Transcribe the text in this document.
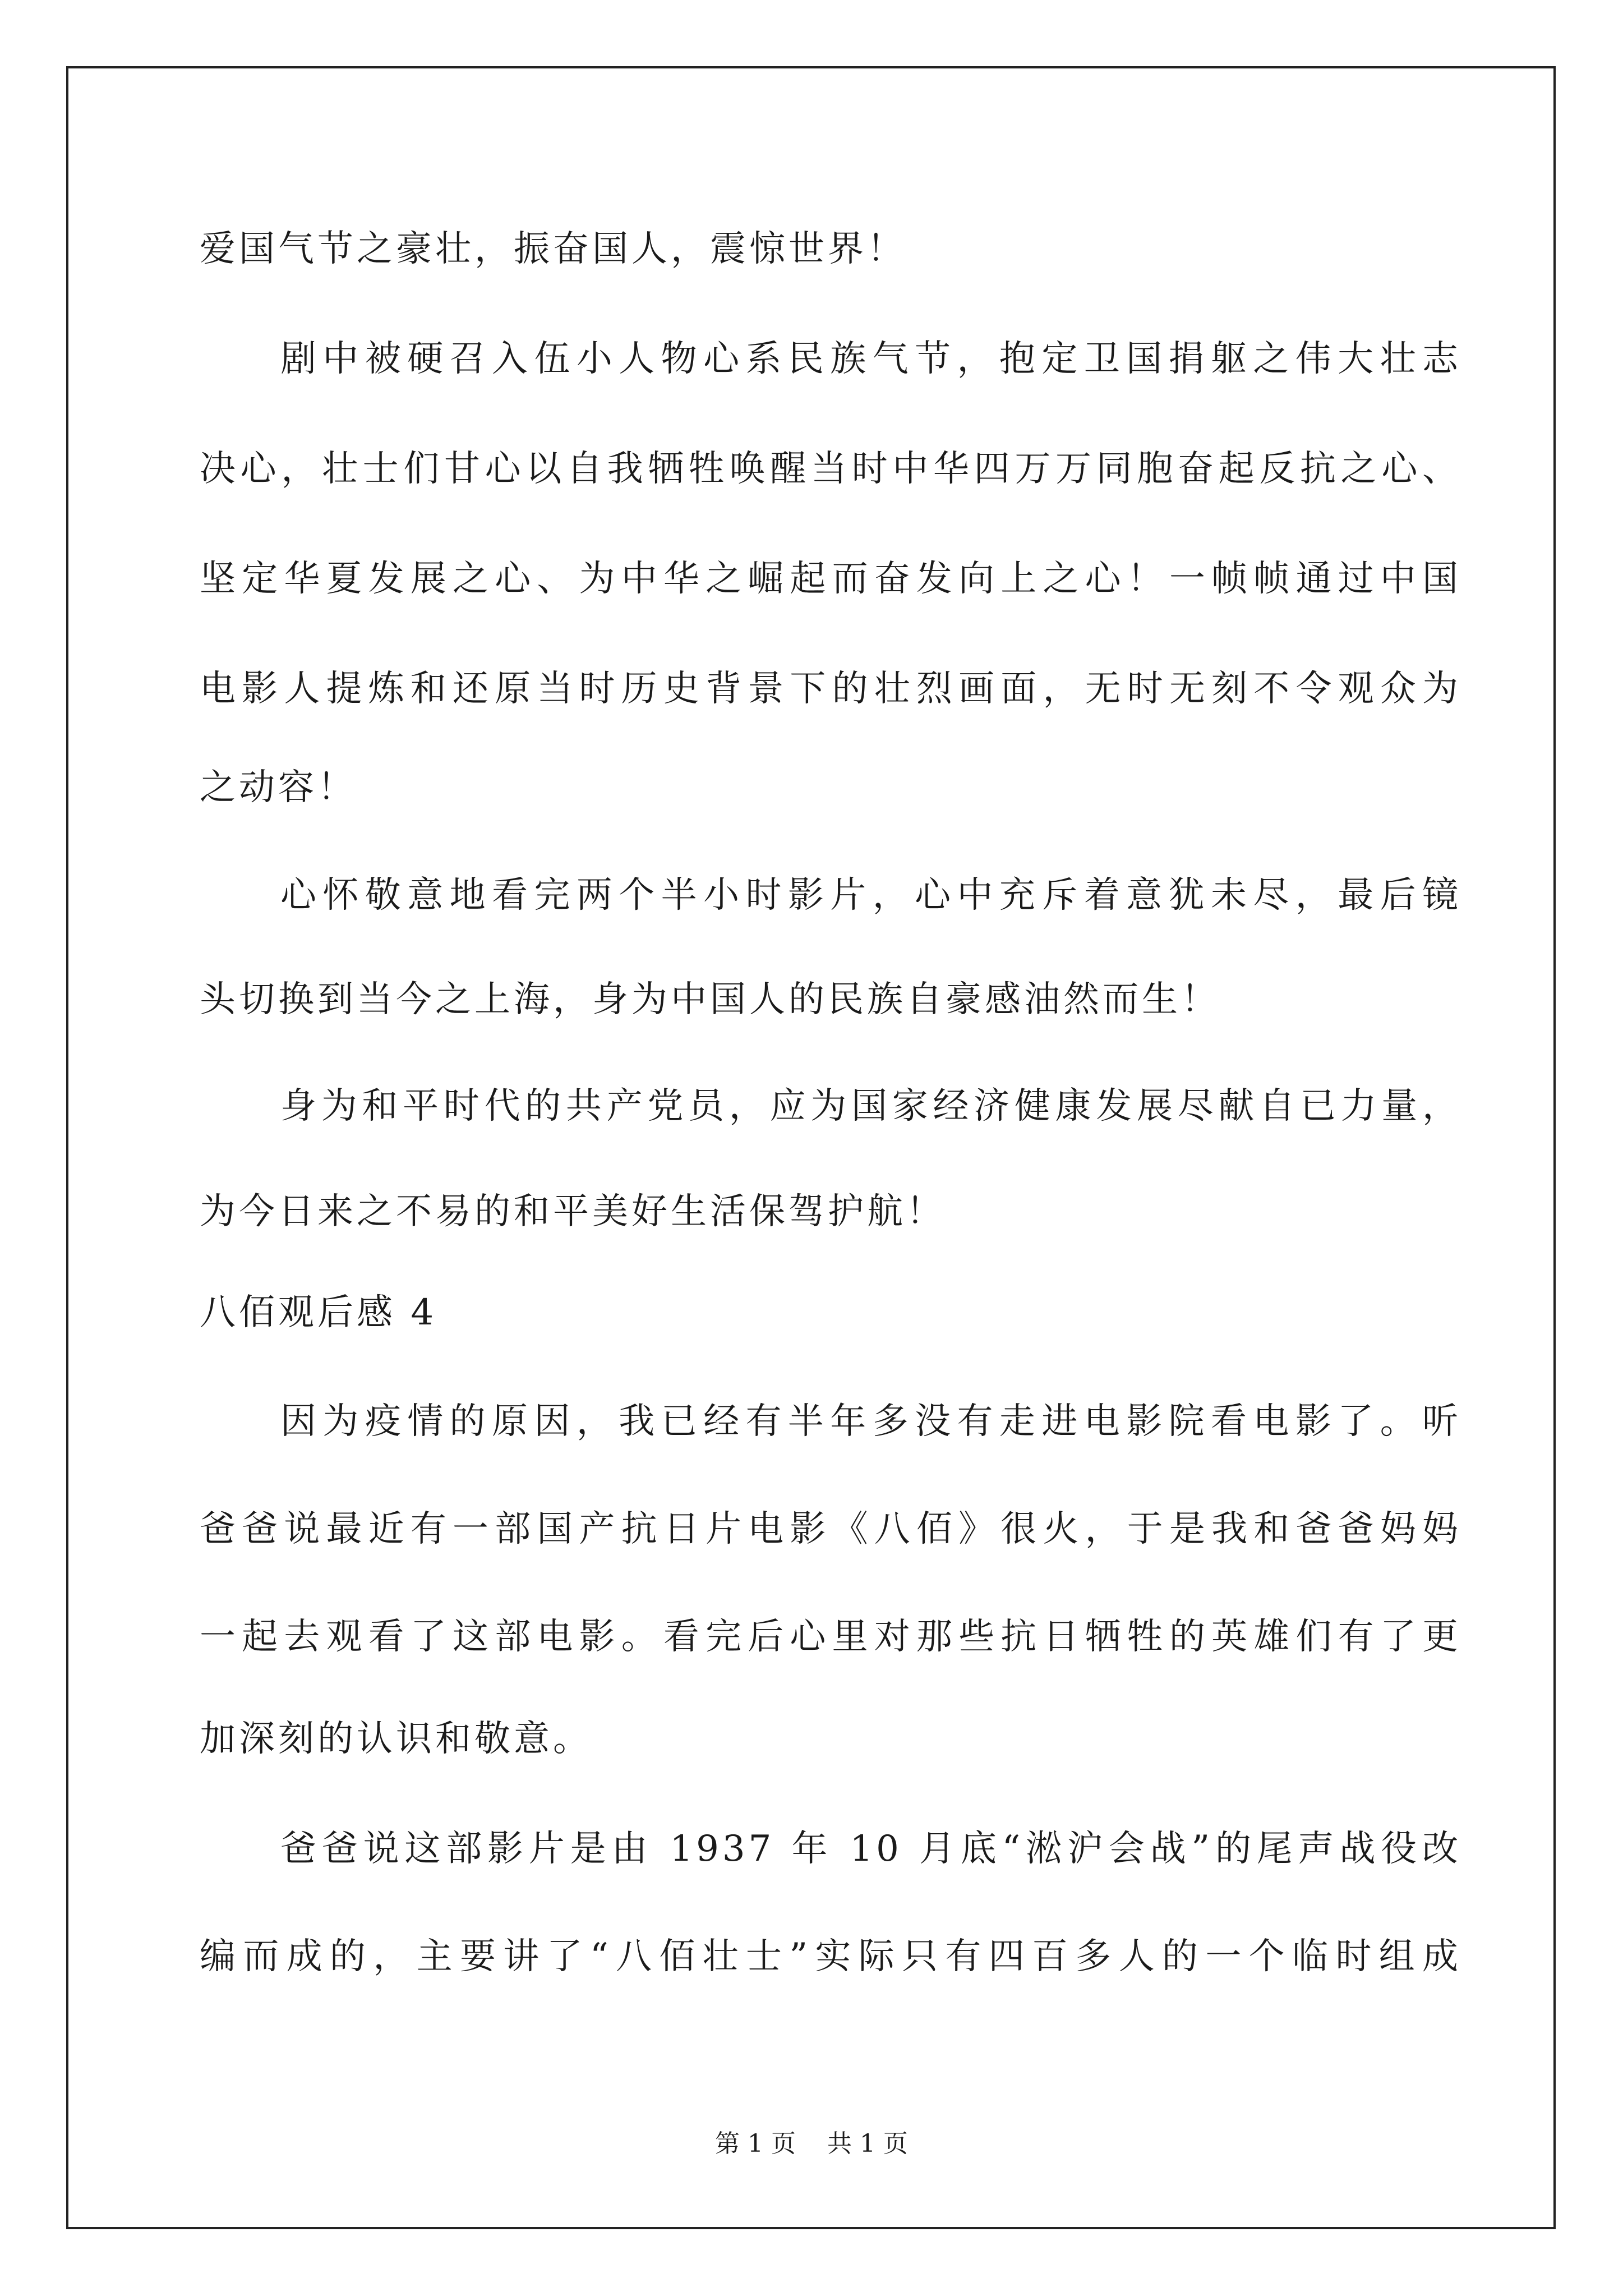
爱国气节之豪壮，振奋国人，震惊世界！

剧中被硬召入伍小人物心系民族气节，抱定卫国捐躯之伟大壮志

决心，壮士们甘心以自我牺牲唤醒当时中华四万万同胞奋起反抗之心、

坚定华夏发展之心、为中华之崛起而奋发向上之心！一帧帧通过中国

电影人提炼和还原当时历史背景下的壮烈画面，无时无刻不令观众为

之动容！

心怀敬意地看完两个半小时影片，心中充斥着意犹未尽，最后镜

头切换到当今之上海，身为中国人的民族自豪感油然而生！

身为和平时代的共产党员，应为国家经济健康发展尽献自已力量，

为今日来之不易的和平美好生活保驾护航！

八佰观后感 4

因为疫情的原因，我已经有半年多没有走进电影院看电影了。听

爸爸说最近有一部国产抗日片电影《八佰》很火，于是我和爸爸妈妈

一起去观看了这部电影。看完后心里对那些抗日牺牲的英雄们有了更

加深刻的认识和敬意。

爸爸说这部影片是由 1937 年 10 月底“淞沪会战”的尾声战役改

编而成的，主要讲了“八佰壮士”实际只有四百多人的一个临时组成

第 1 页    共 1 页
